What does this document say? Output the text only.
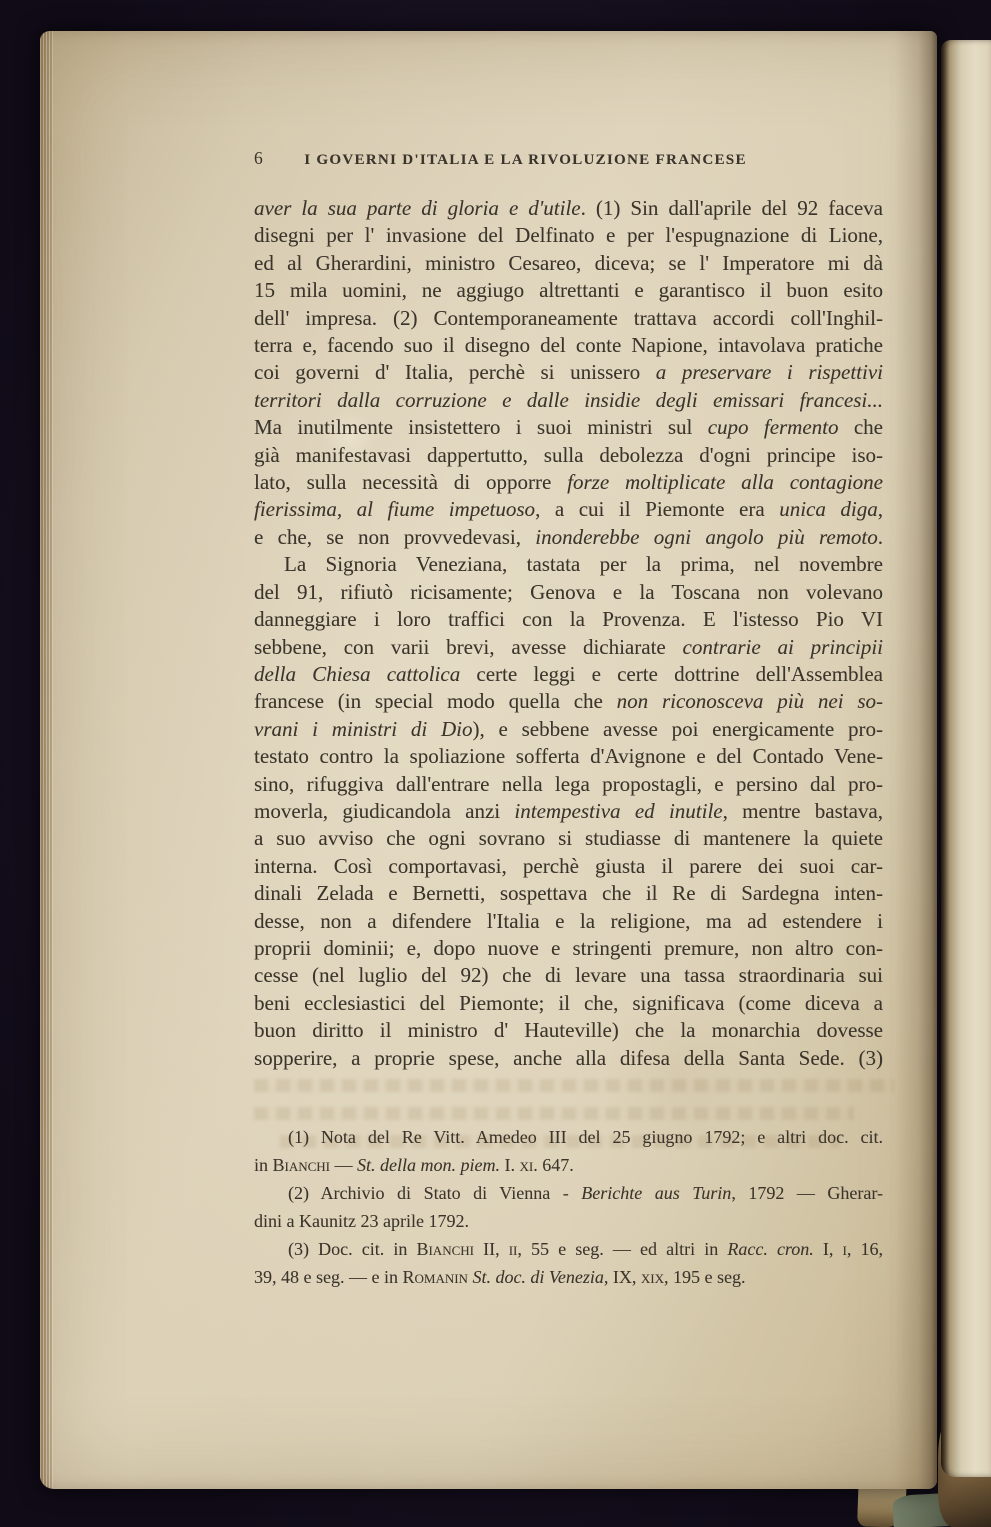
6	I GOVERNI D'ITALIA E LA RIVOLUZIONE FRANCESE
aver la sua parte di gloria e d'utile. (1) Sin dall'aprile del 92 faceva
disegni per l' invasione del Delfinato e per l'espugnazione di Lione,
ed al Gherardini, ministro Cesareo, diceva; se l' Imperatore mi dà
15 mila uomini, ne aggiugo altrettanti e garantisco il buon esito
dell' impresa. (2) Contemporaneamente trattava accordi coll'Inghil-
terra e, facendo suo il disegno del conte Napione, intavolava pratiche
coi governi d' Italia, perchè si unissero a preservare i rispettivi
territori dalla corruzione e dalle insidie degli emissari francesi...
Ma inutilmente insistettero i suoi ministri sul cupo fermento che
già manifestavasi dappertutto, sulla debolezza d'ogni principe iso-
lato, sulla necessità di opporre forze moltiplicate alla contagione
fierissima, al fiume impetuoso, a cui il Piemonte era unica diga,
e che, se non provvedevasi, inonderebbe ogni angolo più remoto.
La Signoria Veneziana, tastata per la prima, nel novembre
del 91, rifiutò ricisamente; Genova e la Toscana non volevano
danneggiare i loro traffici con la Provenza. E l'istesso Pio VI
sebbene, con varii brevi, avesse dichiarate contrarie ai principii
della Chiesa cattolica certe leggi e certe dottrine dell'Assemblea
francese (in special modo quella che non riconosceva più nei so-
vrani i ministri di Dio), e sebbene avesse poi energicamente pro-
testato contro la spoliazione sofferta d'Avignone e del Contado Vene-
sino, rifuggiva dall'entrare nella lega propostagli, e persino dal pro-
moverla, giudicandola anzi intempestiva ed inutile, mentre bastava,
a suo avviso che ogni sovrano si studiasse di mantenere la quiete
interna. Così comportavasi, perchè giusta il parere dei suoi car-
dinali Zelada e Bernetti, sospettava che il Re di Sardegna inten-
desse, non a difendere l'Italia e la religione, ma ad estendere i
proprii dominii; e, dopo nuove e stringenti premure, non altro con-
cesse (nel luglio del 92) che di levare una tassa straordinaria sui
beni ecclesiastici del Piemonte; il che, significava (come diceva a
buon diritto il ministro d' Hauteville) che la monarchia dovesse
sopperire, a proprie spese, anche alla difesa della Santa Sede. (3)
(1) Nota del Re Vitt. Amedeo III del 25 giugno 1792; e altri doc. cit.
in Bianchi — St. della mon. piem. I. xi. 647.
(2) Archivio di Stato di Vienna - Berichte aus Turin, 1792 — Gherar-
dini a Kaunitz 23 aprile 1792.
(3) Doc. cit. in Bianchi II, ii, 55 e seg. — ed altri in Racc. cron. I, i, 16,
39, 48 e seg. — e in Romanin St. doc. di Venezia, IX, xix, 195 e seg.
